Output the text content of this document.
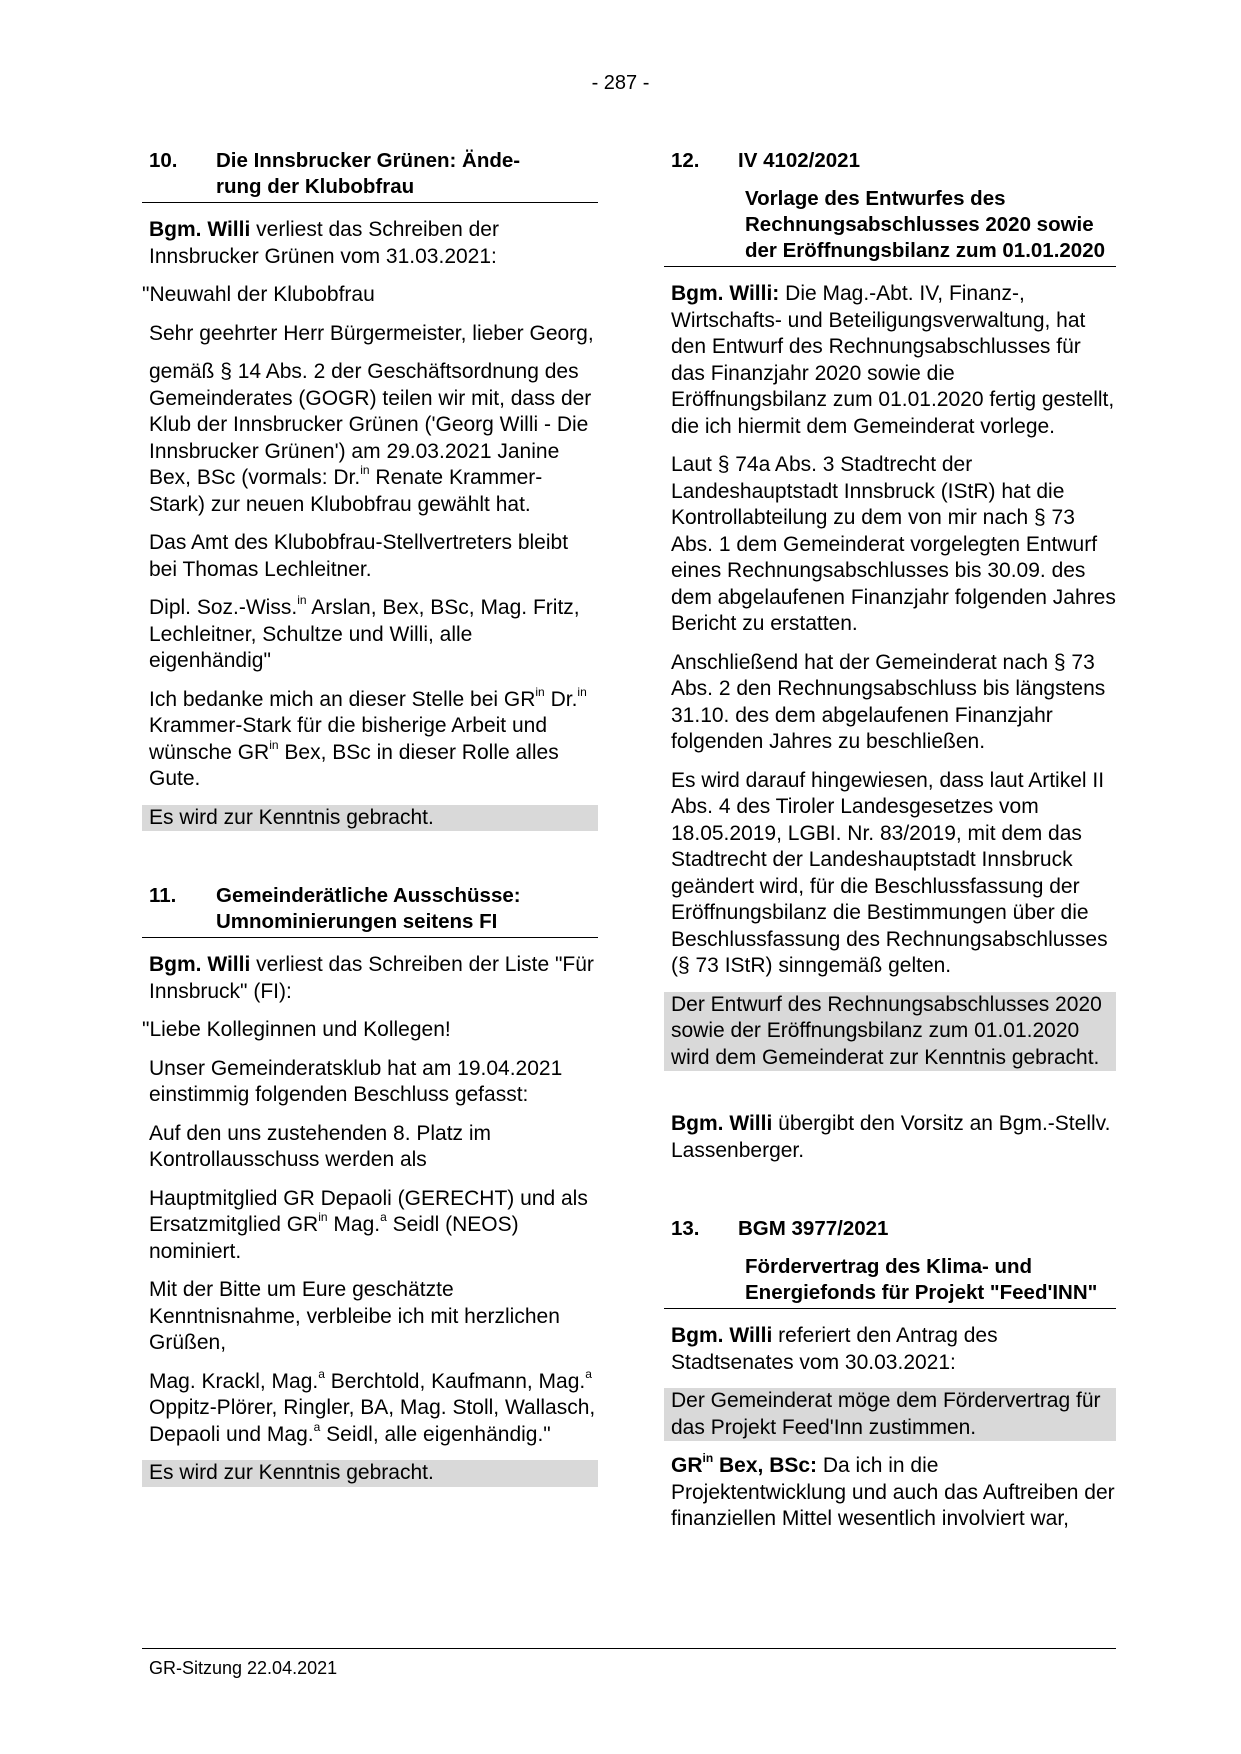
- 287 -
10.	Die Innsbrucker Grünen: Ände-
rung der Klubobfrau

Bgm. Willi verliest das Schreiben der Innsbrucker Grünen vom 31.03.2021:

"Neuwahl der Klubobfrau

Sehr geehrter Herr Bürgermeister, lieber Georg,

gemäß § 14 Abs. 2 der Geschäftsordnung des Gemeinderates (GOGR) teilen wir mit, dass der Klub der Innsbrucker Grünen ('Georg Willi - Die Innsbrucker Grünen') am 29.03.2021 Janine Bex, BSc (vormals: Dr.$^{in}$ Renate Krammer-Stark) zur neuen Klubobfrau gewählt hat.

Das Amt des Klubobfrau-Stellvertreters bleibt bei Thomas Lechleitner.

Dipl. Soz.-Wiss.$^{in}$ Arslan, Bex, BSc, Mag. Fritz, Lechleitner, Schultze und Willi, alle eigenhändig"

Ich bedanke mich an dieser Stelle bei $GR^{in}$ Dr.$^{in}$ Krammer-Stark für die bisherige Arbeit und wünsche $GR^{in}$ Bex, BSc in dieser Rolle alles Gute.

Es wird zur Kenntnis gebracht.
11.	Gemeinderätliche Ausschüsse:
Umnominierungen seitens FI

Bgm. Willi verliest das Schreiben der Liste "Für Innsbruck" (FI):

"Liebe Kolleginnen und Kollegen!

Unser Gemeinderatsklub hat am 19.04.2021 einstimmig folgenden Beschluss gefasst:

Auf den uns zustehenden 8. Platz im Kontrollausschuss werden als

Hauptmitglied GR Depaoli (GERECHT) und als Ersatzmitglied $GR^{in}$ Mag.$^a$ Seidl (NEOS) nominiert.

Mit der Bitte um Eure geschätzte Kenntnisnahme, verbleibe ich mit herzlichen Grüßen,

Mag. Krackl, Mag.$^a$ Berchtold, Kaufmann, Mag.$^a$ Oppitz-Plörer, Ringler, BA, Mag. Stoll, Wallasch, Depaoli und Mag.$^a$ Seidl, alle eigenhändig."

Es wird zur Kenntnis gebracht.
12.	IV 4102/2021
Vorlage des Entwurfes des Rechnungsabschlusses 2020 sowie der Eröffnungsbilanz zum 01.01.2020

Bgm. Willi: Die Mag.-Abt. IV, Finanz-, Wirtschafts- und Beteiligungsverwaltung, hat den Entwurf des Rechnungsabschlusses für das Finanzjahr 2020 sowie die Eröffnungsbilanz zum 01.01.2020 fertig gestellt, die ich hiermit dem Gemeinderat vorlege.

Laut § 74a Abs. 3 Stadtrecht der Landeshauptstadt Innsbruck (IStR) hat die Kontrollabteilung zu dem von mir nach § 73 Abs. 1 dem Gemeinderat vorgelegten Entwurf eines Rechnungsabschlusses bis 30.09. des dem abgelaufenen Finanzjahr folgenden Jahres Bericht zu erstatten.

Anschließend hat der Gemeinderat nach § 73 Abs. 2 den Rechnungsabschluss bis längstens 31.10. des dem abgelaufenen Finanzjahr folgenden Jahres zu beschließen.

Es wird darauf hingewiesen, dass laut Artikel II Abs. 4 des Tiroler Landesgesetzes vom 18.05.2019, LGBI. Nr. 83/2019, mit dem das Stadtrecht der Landeshauptstadt Innsbruck geändert wird, für die Beschlussfassung der Eröffnungsbilanz die Bestimmungen über die Beschlussfassung des Rechnungsabschlusses (§ 73 IStR) sinngemäß gelten.

Der Entwurf des Rechnungsabschlusses 2020 sowie der Eröffnungsbilanz zum 01.01.2020 wird dem Gemeinderat zur Kenntnis gebracht.

Bgm. Willi übergibt den Vorsitz an Bgm.-Stellv. Lassenberger.

13.	BGM 3977/2021
Fördervertrag des Klima- und Energiefonds für Projekt "Feed'INN"

Bgm. Willi referiert den Antrag des Stadtsenates vom 30.03.2021:

Der Gemeinderat möge dem Fördervertrag für das Projekt Feed'Inn zustimmen.

$GR^{in}$ Bex, BSc: Da ich in die Projektentwicklung und auch das Auftreiben der finanziellen Mittel wesentlich involviert war,

GR-Sitzung 22.04.2021
